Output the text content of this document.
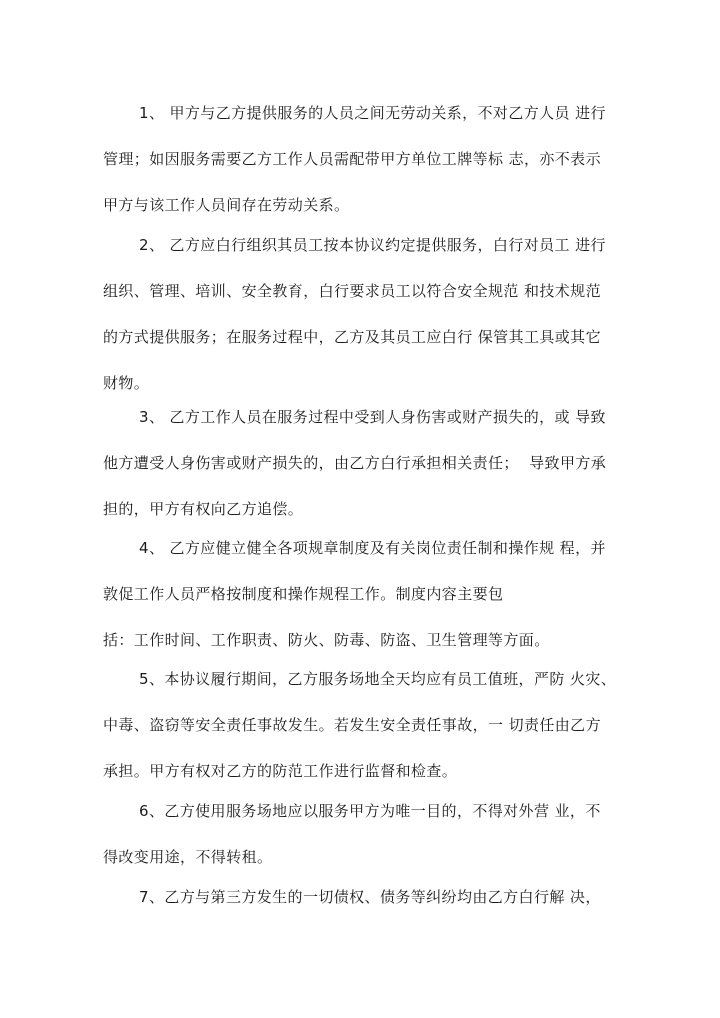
1、 甲方与乙方提供服务的人员之间无劳动关系，不对乙方人员 进行
管理；如因服务需要乙方工作人员需配带甲方单位工牌等标 志，亦不表示
甲方与该工作人员间存在劳动关系。
2、 乙方应白行组织其员工按本协议约定提供服务，白行对员工 进行
组织、管理、培训、安全教育，白行要求员工以符合安全规范 和技术规范
的方式提供服务；在服务过程中，乙方及其员工应白行 保管其工具或其它
财物。
3、 乙方工作人员在服务过程中受到人身伤害或财产损失的，或 导致
他方遭受人身伤害或财产损失的，由乙方白行承担相关责任；  导致甲方承
担的，甲方有权向乙方追偿。
4、 乙方应健立健全各项规章制度及有关岗位责任制和操作规 程，并
敦促工作人员严格按制度和操作规程工作。制度内容主要包
括：工作时间、工作职责、防火、防毒、防盗、卫生管理等方面。
5、本协议履行期间，乙方服务场地全天均应有员工值班，严防 火灾、
中毒、盗窃等安全责任事故发生。若发生安全责任事故，一 切责任由乙方
承担。甲方有权对乙方的防范工作进行监督和检查。
6、乙方使用服务场地应以服务甲方为唯一目的，不得对外营 业，不
得改变用途，不得转租。
7、乙方与第三方发生的一切债权、债务等纠纷均由乙方白行解 决，
